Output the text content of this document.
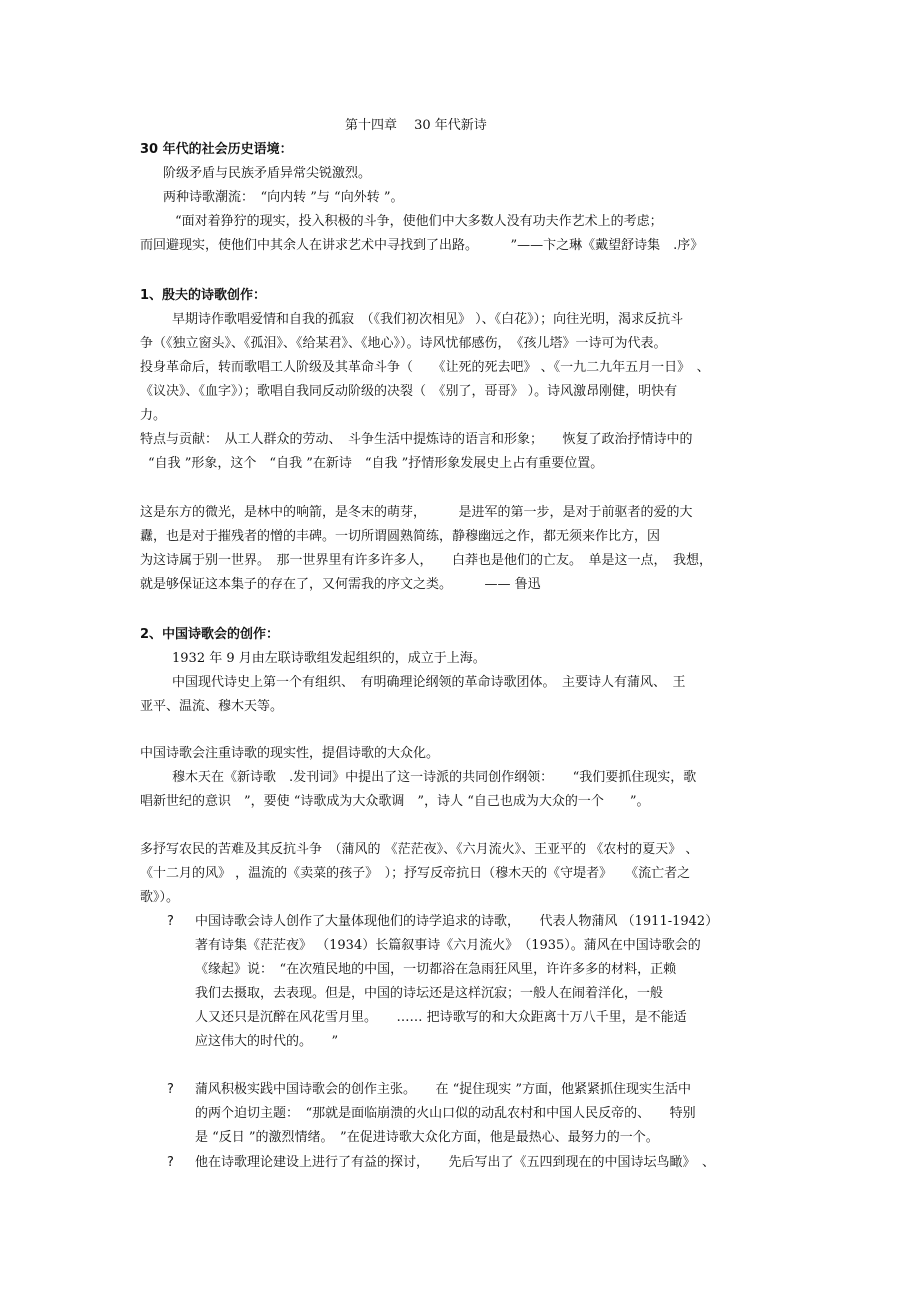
第十四章　 30 年代新诗
30 年代的社会历史语境：
阶级矛盾与民族矛盾异常尖锐激烈。
两种诗歌潮流：　“向内转 ”与 “向外转 ”。
“面对着狰狞的现实，投入积极的斗争，使他们中大多数人没有功夫作艺术上的考虑；
而回避现实，使他们中其余人在讲求艺术中寻找到了出路。　　　”——卞之琳《戴望舒诗集　.序》
1、殷夫的诗歌创作：
早期诗作歌唱爱情和自我的孤寂　（《我们初次相见》 ）、《白花》）；向往光明，渴求反抗斗
争（《独立窗头》、《孤泪》、《给某君》、《地心》）。诗风忧郁感伤，　《孩儿塔》一诗可为代表。
投身革命后，转而歌唱工人阶级及其革命斗争（　　《让死的死去吧》 、《一九二九年五月一日》　、
《议决》、《血字》）；歌唱自我同反动阶级的决裂（　《别了，哥哥》 ）。诗风激昂刚健，明快有
力。
特点与贡献：　从工人群众的劳动、　斗争生活中提炼诗的语言和形象；　　恢复了政治抒情诗中的
“自我 ”形象，这个　“自我 ”在新诗　“自我 ”抒情形象发展史上占有重要位置。
这是东方的微光，是林中的响箭，是冬末的萌芽，　　　是进军的第一步，是对于前驱者的爱的大
纛，也是对于摧残者的憎的丰碑。一切所谓圆熟简练，静穆幽远之作，都无须来作比方，因
为这诗属于别一世界。　那一世界里有许多许多人，　　白莽也是他们的亡友。　单是这一点，　我想，
就是够保证这本集子的存在了，又何需我的序文之类。　　　—— 鲁迅
2、中国诗歌会的创作：
1932 年 9 月由左联诗歌组发起组织的，成立于上海。
中国现代诗史上第一个有组织、　有明确理论纲领的革命诗歌团体。　主要诗人有蒲风、　王
亚平、温流、穆木天等。
中国诗歌会注重诗歌的现实性，提倡诗歌的大众化。
穆木天在《新诗歌　.发刊词》中提出了这一诗派的共同创作纲领：　　“我们要抓住现实，歌
唱新世纪的意识　”，要使 “诗歌成为大众歌调　”，诗人 “自己也成为大众的一个　　”。
多抒写农民的苦难及其反抗斗争　（蒲风的 《茫茫夜》、《六月流火》、王亚平的 《农村的夏天》 、
《十二月的风》 ，温流的《卖菜的孩子》　）；抒写反帝抗日（穆木天的《守堤者》　　《流亡者之
歌》）。
? 中国诗歌会诗人创作了大量体现他们的诗学追求的诗歌，　　代表人物蒲风 （1911-1942）
著有诗集《茫茫夜》 （1934）长篇叙事诗《六月流火》　（1935）。蒲风在中国诗歌会的
《缘起》说：　“在次殖民地的中国，一切都浴在急雨狂风里，许许多多的材料，正赖
我们去摄取，去表现。但是，中国的诗坛还是这样沉寂；一般人在闹着洋化，一般
人又还只是沉醉在风花雪月里。　　…… 把诗歌写的和大众距离十万八千里，是不能适
应这伟大的时代的。　　”
? 蒲风积极实践中国诗歌会的创作主张。　　在 “捉住现实 ”方面，他紧紧抓住现实生活中
的两个迫切主题：　“那就是面临崩溃的火山口似的动乱农村和中国人民反帝的、　　特别
是 “反日 ”的激烈情绪。　”在促进诗歌大众化方面，他是最热心、最努力的一个。
? 他在诗歌理论建设上进行了有益的探讨，　　先后写出了《五四到现在的中国诗坛鸟瞰》　、
